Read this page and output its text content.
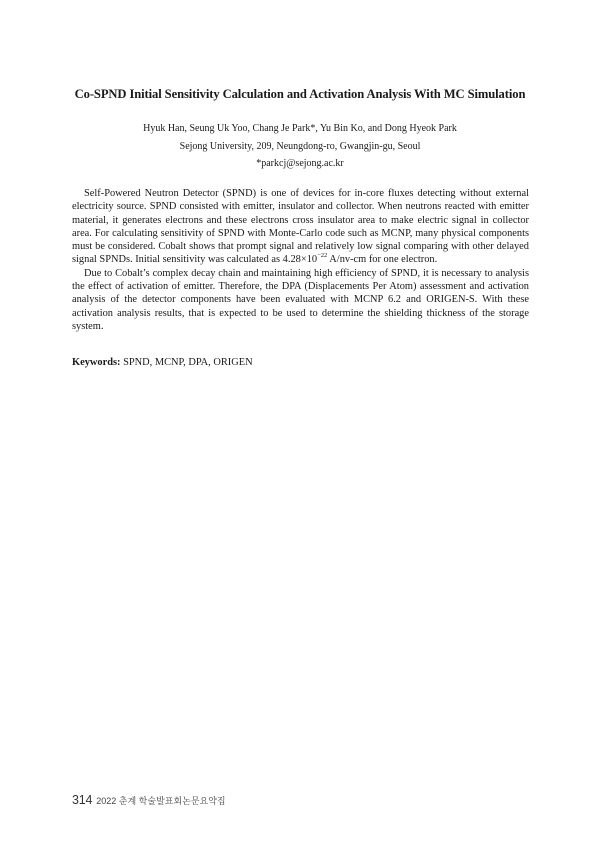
Co-SPND Initial Sensitivity Calculation and Activation Analysis With MC Simulation

Hyuk Han, Seung Uk Yoo, Chang Je Park*, Yu Bin Ko, and Dong Hyeok Park

Sejong University, 209, Neungdong-ro, Gwangjin-gu, Seoul

*parkcj@sejong.ac.kr

Self-Powered Neutron Detector (SPND) is one of devices for in-core fluxes detecting without external electricity source. SPND consisted with emitter, insulator and collector. When neutrons reacted with emitter material, it generates electrons and these electrons cross insulator area to make electric signal in collector area. For calculating sensitivity of SPND with Monte-Carlo code such as MCNP, many physical components must be considered. Cobalt shows that prompt signal and relatively low signal comparing with other delayed signal SPNDs. Initial sensitivity was calculated as $4.28\times 10^{-22}$ A/nv-cm for one electron.

Due to Cobalt’s complex decay chain and maintaining high efficiency of SPND, it is necessary to analysis the effect of activation of emitter. Therefore, the DPA (Displacements Per Atom) assessment and activation analysis of the detector components have been evaluated with MCNP 6.2 and ORIGEN-S. With these activation analysis results, that is expected to be used to determine the shielding thickness of the storage system.

Keywords: SPND, MCNP, DPA, ORIGEN

314 2022 춘계 학술발표회논문요약집
